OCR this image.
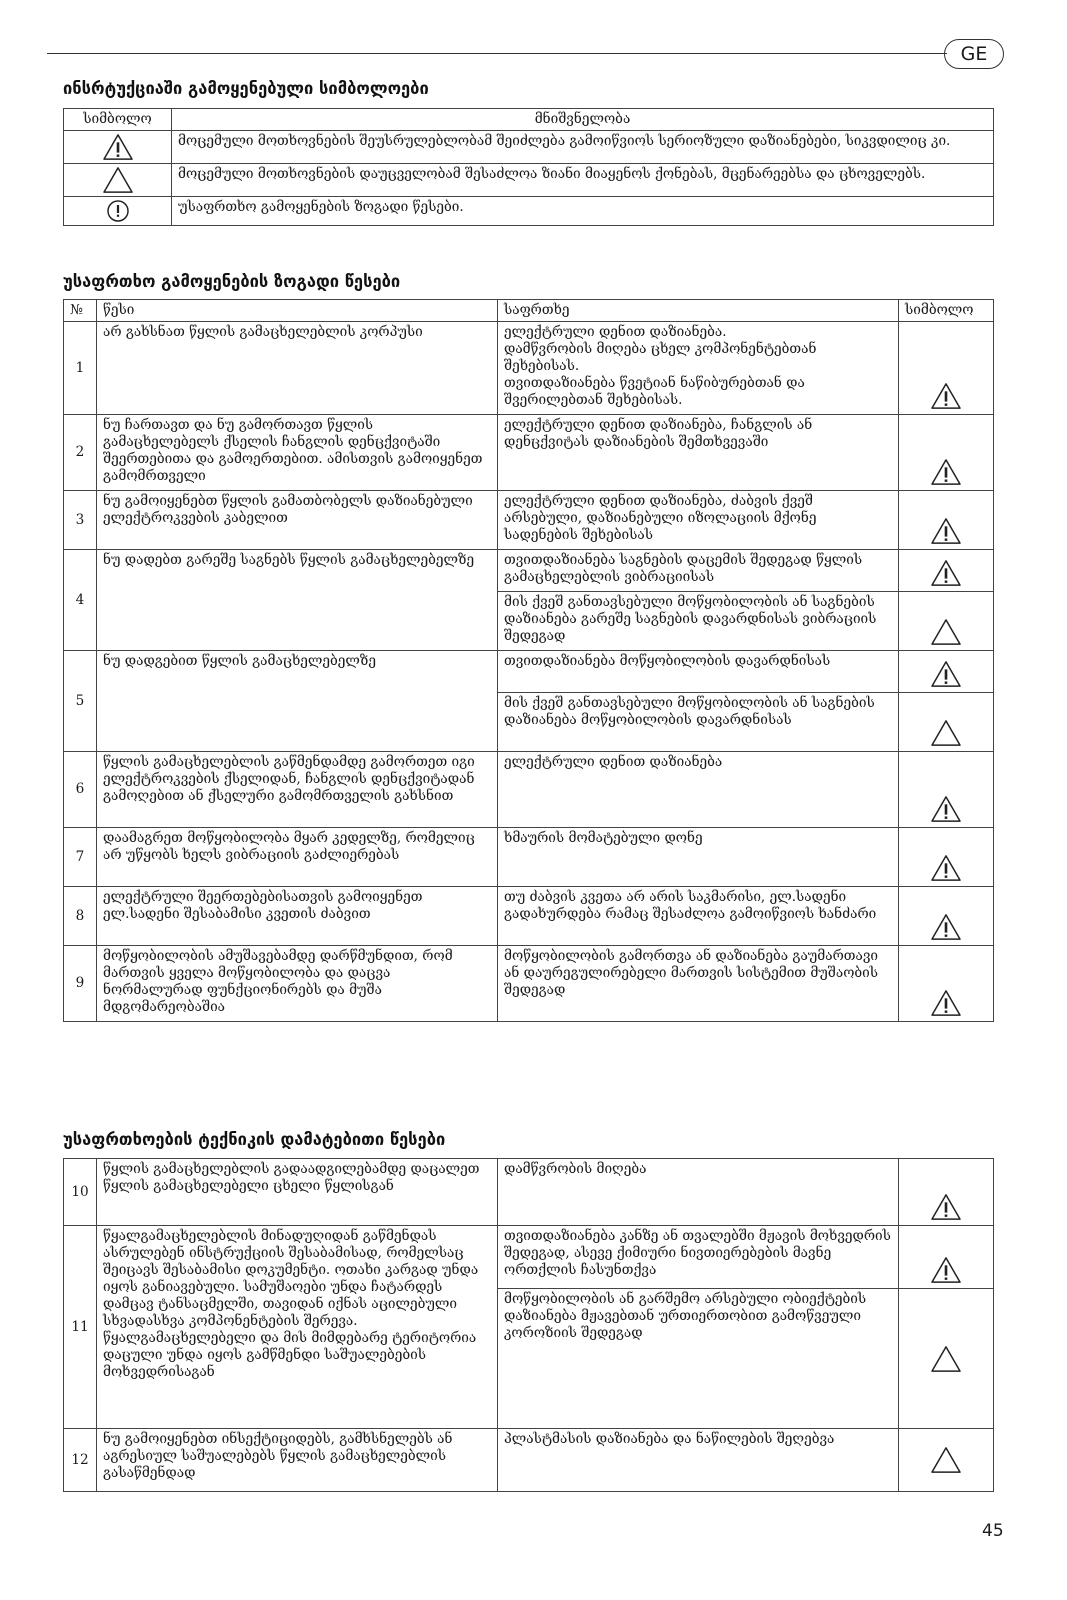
GE
ინსრტუქციაში გამოყენებული სიმბოლოები
სიმბოლო	მნიშვნელობა
	მოცემული მოთხოვნების შეუსრულებლობამ შეიძლება გამოიწვიოს სერიოზული დაზიანებები, სიკვდილიც კი.
	მოცემული მოთხოვნების დაუცველობამ შესაძლოა ზიანი მიაყენოს ქონებას, მცენარეებსა და ცხოველებს.
	უსაფრთხო გამოყენების ზოგადი წესები.
უსაფრთხო გამოყენების ზოგადი წესები
№	წესი	საფრთხე	სიმბოლო
1	არ გახსნათ წყლის გამაცხელებლის კორპუსი	ელექტრული დენით დაზიანება.
დამწვრობის მიღება ცხელ კომპონენტებთან შეხებისას.
თვითდაზიანება წვეტიან ნაწიბურებთან და შვერილებთან შეხებისას.	
2	ნუ ჩართავთ და ნუ გამორთავთ წყლის გამაცხელებელს ქსელის ჩანგლის დენცქვიტაში შეერთებითა და გამოერთებით. ამისთვის გამოიყენეთ გამომრთველი	ელექტრული დენით დაზიანება, ჩანგლის ან დენცქვიტას დაზიანების შემთხვევაში	
3	ნუ გამოიყენებთ წყლის გამათბობელს დაზიანებული ელექტროკვების კაბელით	ელექტრული დენით დაზიანება, ძაბვის ქვეშ არსებული, დაზიანებული იზოლაციის მქონე სადენების შეხებისას	
4	ნუ დადებთ გარეშე საგნებს წყლის გამაცხელებელზე	თვითდაზიანება საგნების დაცემის შედეგად წყლის გამაცხელებლის ვიბრაციისას	
		მის ქვეშ განთავსებული მოწყობილობის ან საგნების დაზიანება გარეშე საგნების დავარდნისას ვიბრაციის შედეგად	
5	ნუ დადგებით წყლის გამაცხელებელზე	თვითდაზიანება მოწყობილობის დავარდნისას	
		მის ქვეშ განთავსებული მოწყობილობის ან საგნების დაზიანება მოწყობილობის დავარდნისას	
6	წყლის გამაცხელებლის გაწმენდამდე გამორთეთ იგი ელექტროკვების ქსელიდან, ჩანგლის დენცქვიტადან გამოღებით ან ქსელური გამომრთველის გახსნით	ელექტრული დენით დაზიანება	
7	დაამაგრეთ მოწყობილობა მყარ კედელზე, რომელიც არ უწყობს ხელს ვიბრაციის გაძლიერებას	ხმაურის მომატებული დონე	
8	ელექტრული შეერთებებისათვის გამოიყენეთ ელ.სადენი შესაბამისი კვეთის ძაბვით	თუ ძაბვის კვეთა არ არის საკმარისი, ელ.სადენი გადახურდება რამაც შესაძლოა გამოიწვიოს ხანძარი	
9	მოწყობილობის ამუშავებამდე დარწმუნდით, რომ მართვის ყველა მოწყობილობა და დაცვა ნორმალურად ფუნქციონირებს და მუშა მდგომარეობაშია	მოწყობილობის გამორთვა ან დაზიანება გაუმართავი ან დაურეგულირებელი მართვის სისტემით მუშაობის შედეგად	
უსაფრთხოების ტექნიკის დამატებითი წესები
10	წყლის გამაცხელებლის გადაადგილებამდე დაცალეთ წყლის გამაცხელებელი ცხელი წყლისგან	დამწვრობის მიღება	
11	წყალგამაცხელებლის მინადუღიდან გაწმენდას ასრულებენ ინსტრუქციის შესაბამისად, რომელსაც შეიცავს შესაბამისი დოკუმენტი. ოთახი კარგად უნდა იყოს განიავებული. სამუშაოები უნდა ჩატარდეს დამცავ ტანსაცმელში, თავიდან იქნას აცილებული სხვადასხვა კომპონენტების შერევა. წყალგამაცხელებელი და მის მიმდებარე ტერიტორია დაცული უნდა იყოს გამწმენდი საშუალებების მოხვედრისაგან	თვითდაზიანება კანზე ან თვალებში მჟავის მოხვედრის შედეგად, ასევე ქიმიური ნივთიერებების მავნე ორთქლის ჩასუნთქვა	
		მოწყობილობის ან გარშემო არსებული ობიექტების დაზიანება მჟავებთან ურთიერთობით გამოწვეული კოროზიის შედეგად	
12	ნუ გამოიყენებთ ინსექტიციდებს, გამხსნელებს ან აგრესიულ საშუალებებს წყლის გამაცხელებლის გასაწმენდად	პლასტმასის დაზიანება და ნაწილების შეღებვა	
45
